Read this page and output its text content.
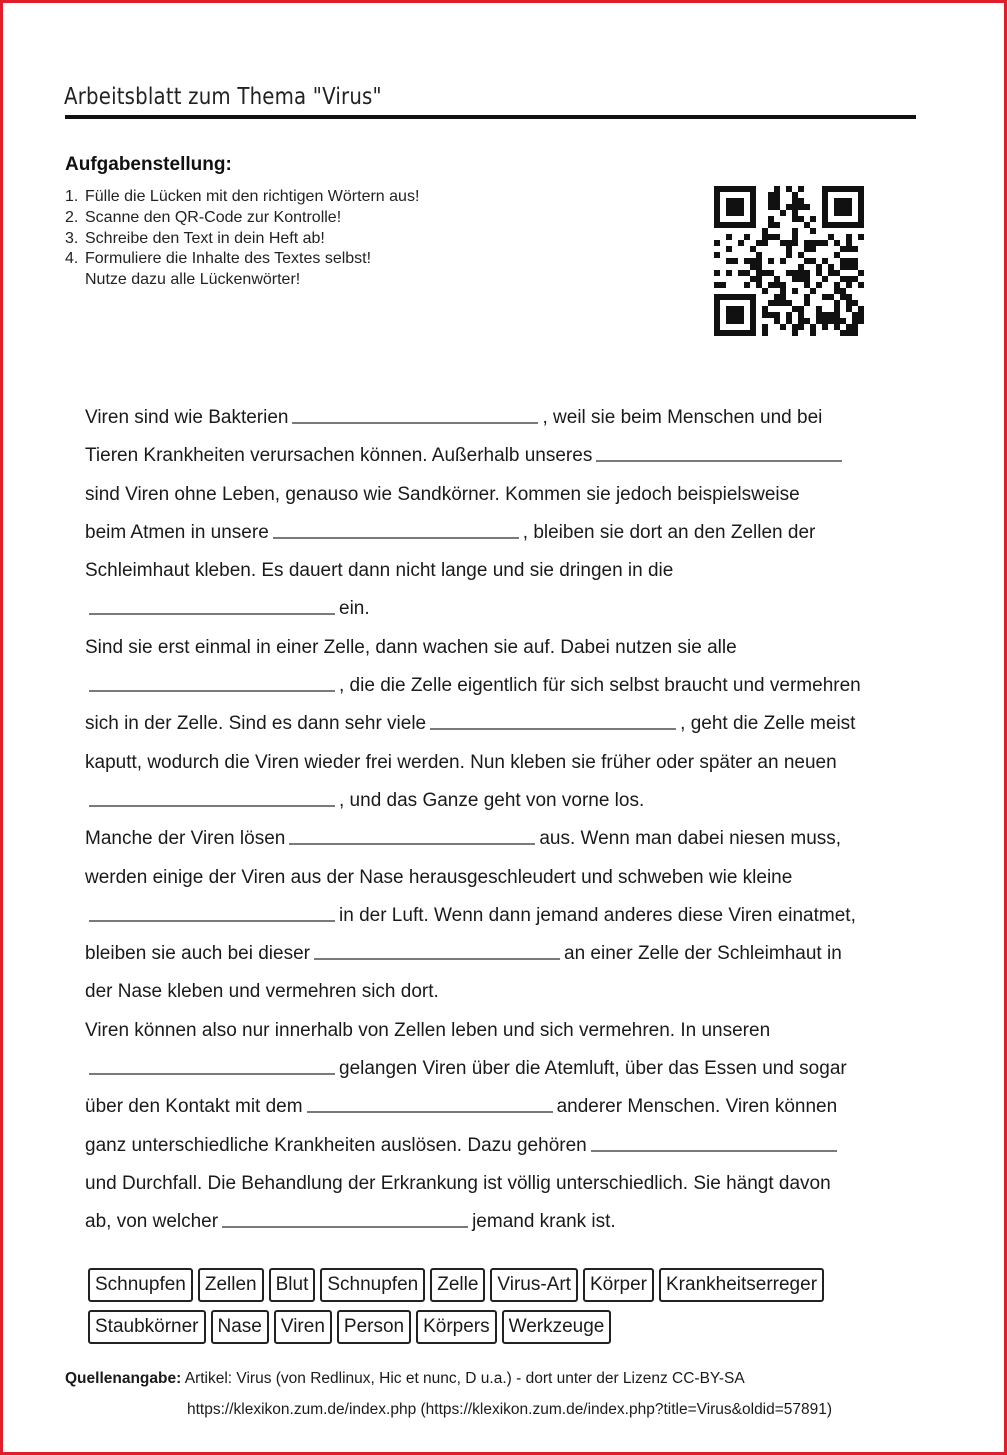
Arbeitsblatt zum Thema "Virus"
Aufgabenstellung:
1. Fülle die Lücken mit den richtigen Wörtern aus!
2. Scanne den QR-Code zur Kontrolle!
3. Schreibe den Text in dein Heft ab!
4. Formuliere die Inhalte des Textes selbst!
Nutze dazu alle Lückenwörter!
Viren sind wie Bakterien	, weil sie beim Menschen und bei
Tieren Krankheiten verursachen können. Außerhalb unseres
sind Viren ohne Leben, genauso wie Sandkörner. Kommen sie jedoch beispielsweise
beim Atmen in unsere	, bleiben sie dort an den Zellen der
Schleimhaut kleben. Es dauert dann nicht lange und sie dringen in die
ein.
Sind sie erst einmal in einer Zelle, dann wachen sie auf. Dabei nutzen sie alle
, die die Zelle eigentlich für sich selbst braucht und vermehren
sich in der Zelle. Sind es dann sehr viele	, geht die Zelle meist
kaputt, wodurch die Viren wieder frei werden. Nun kleben sie früher oder später an neuen
, und das Ganze geht von vorne los.
Manche der Viren lösen	aus. Wenn man dabei niesen muss,
werden einige der Viren aus der Nase herausgeschleudert und schweben wie kleine
in der Luft. Wenn dann jemand anderes diese Viren einatmet,
bleiben sie auch bei dieser	an einer Zelle der Schleimhaut in
der Nase kleben und vermehren sich dort.
Viren können also nur innerhalb von Zellen leben und sich vermehren. In unseren
gelangen Viren über die Atemluft, über das Essen und sogar
über den Kontakt mit dem	anderer Menschen. Viren können
ganz unterschiedliche Krankheiten auslösen. Dazu gehören
und Durchfall. Die Behandlung der Erkrankung ist völlig unterschiedlich. Sie hängt davon
ab, von welcher	jemand krank ist.
Schnupfen	Zellen	Blut	Schnupfen	Zelle	Virus-Art	Körper	Krankheitserreger
Staubkörner	Nase	Viren	Person	Körpers	Werkzeuge
Quellenangabe: Artikel: Virus (von Redlinux, Hic et nunc, D u.a.) - dort unter der Lizenz CC-BY-SA
https://klexikon.zum.de/index.php (https://klexikon.zum.de/index.php?title=Virus&oldid=57891)
